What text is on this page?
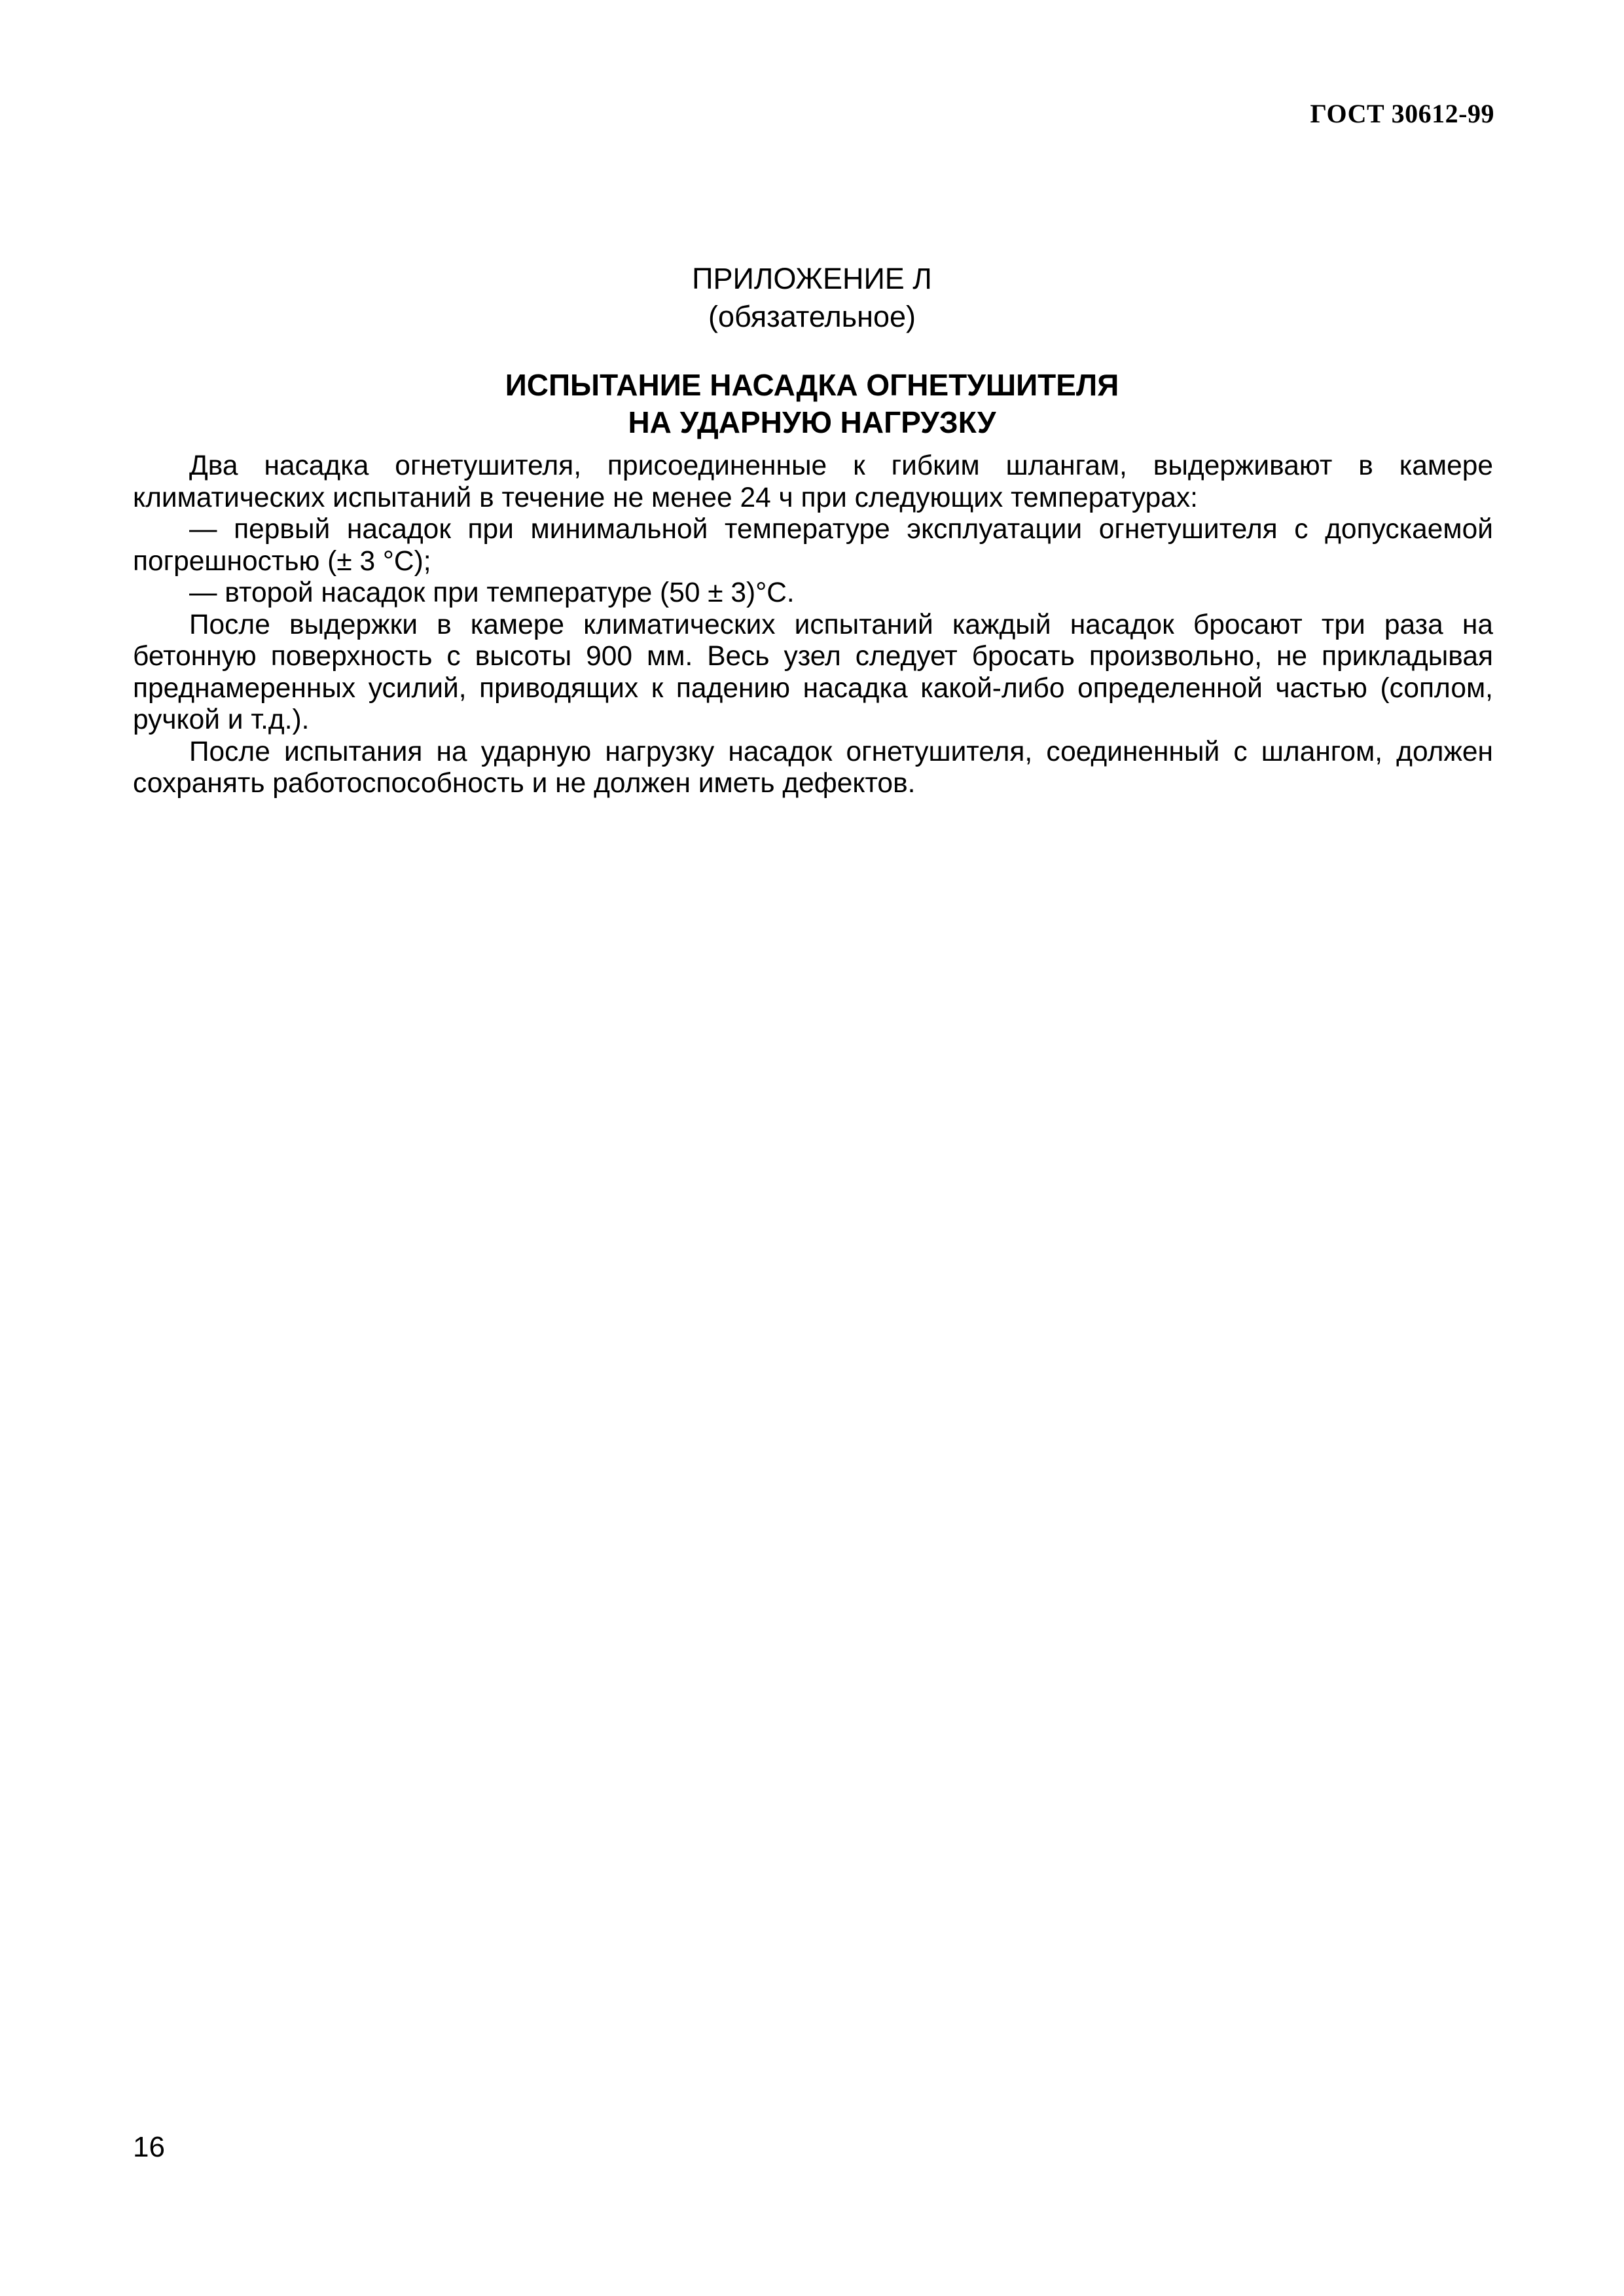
ГОСТ 30612-99
ПРИЛОЖЕНИЕ Л
(обязательное)
ИСПЫТАНИЕ НАСАДКА ОГНЕТУШИТЕЛЯ
НА УДАРНУЮ НАГРУЗКУ

Два насадка огнетушителя, присоединенные к гибким шлангам, выдерживают в камере климатических испытаний в течение не менее 24 ч при следующих температурах:

— первый насадок при минимальной температуре эксплуатации огнетушителя с допускаемой погрешностью (± 3 °С);

— второй насадок при температуре (50 ± 3)°С.

После выдержки в камере климатических испытаний каждый насадок бросают три раза на бетонную поверхность с высоты 900 мм. Весь узел следует бросать произвольно, не прикладывая преднамеренных усилий, приводящих к падению насадка какой-либо определенной частью (соплом, ручкой и т.д.).

После испытания на ударную нагрузку насадок огнетушителя, соединенный с шлангом, должен сохранять работоспособность и не должен иметь дефектов.

16
